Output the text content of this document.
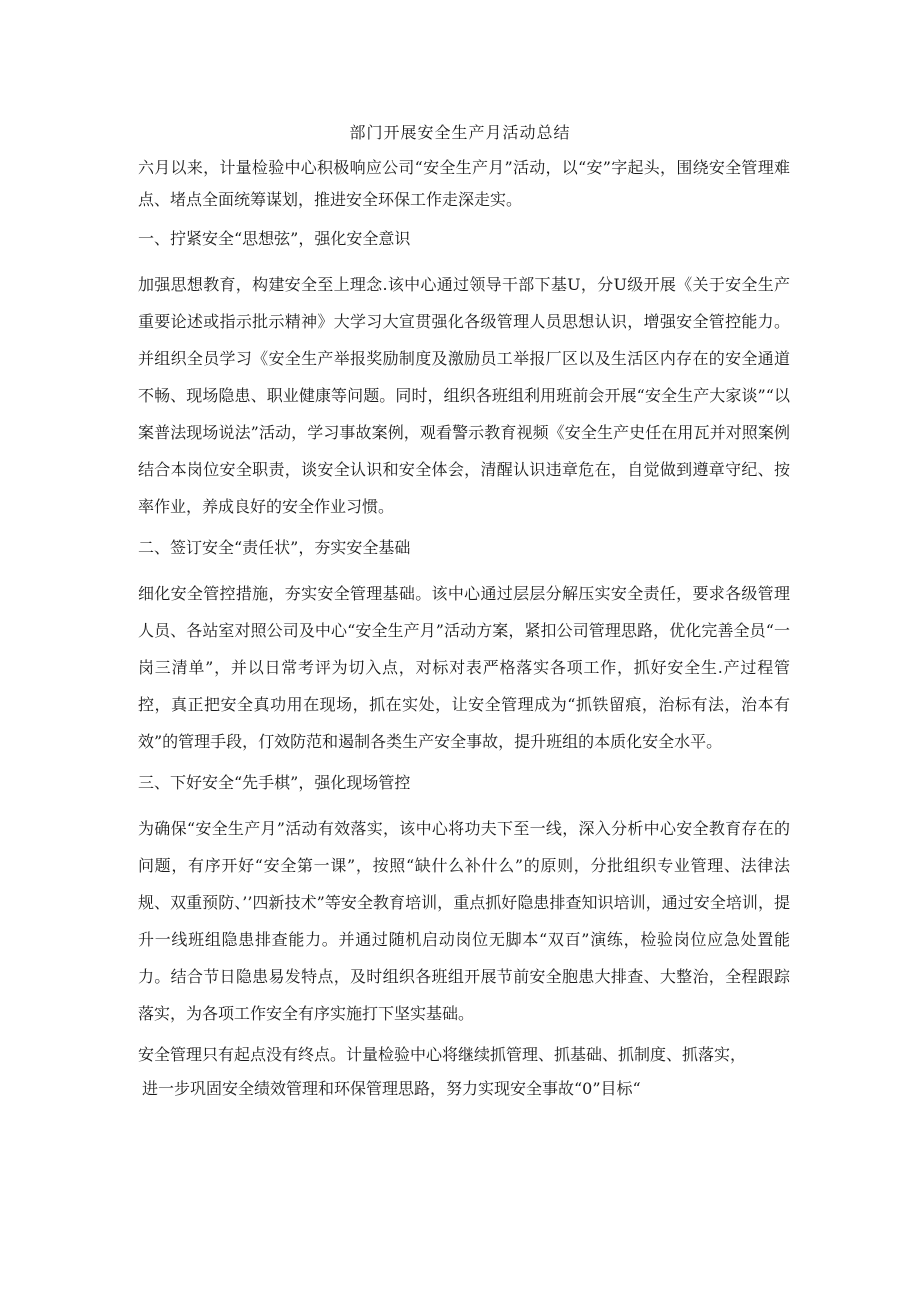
部门开展安全生产月活动总结

六月以来，计量检验中心积极响应公司“安全生产月”活动，以“安”字起头，围绕安全管理难点、堵点全面统筹谋划，推进安全环保工作走深走实。

一、拧紧安全“思想弦”，强化安全意识

加强思想教育，构建安全至上理念.该中心通过领导干部下基U，分U级开展《关于安全生产重要论述或指示批示精神》大学习大宣贯强化各级管理人员思想认识，增强安全管控能力。并组织全员学习《安全生产举报奖励制度及激励员工举报厂区以及生活区内存在的安全通道不畅、现场隐患、职业健康等问题。同时，组织各班组利用班前会开展“安全生产大家谈”“以案普法现场说法”活动，学习事故案例，观看警示教育视频《安全生产史任在用瓦并对照案例结合本岗位安全职责，谈安全认识和安全体会，清醒认识违章危在，自觉做到遵章守纪、按率作业，养成良好的安全作业习惯。

二、签订安全“责任状”，夯实安全基础

细化安全管控措施，夯实安全管理基础。该中心通过层层分解压实安全责任，要求各级管理人员、各站室对照公司及中心“安全生产月”活动方案，紧扣公司管理思路，优化完善全员“一岗三清单”，并以日常考评为切入点，对标对表严格落实各项工作，抓好安全生.产过程管控，真正把安全真功用在现场，抓在实处，让安全管理成为“抓铁留痕，治标有法，治本有效”的管理手段，仃效防范和遏制各类生产安全事故，提升班组的本质化安全水平。

三、下好安全“先手棋”，强化现场管控

为确保“安全生产月”活动有效落实，该中心将功夫下至一线，深入分析中心安全教育存在的问题，有序开好“安全第一课”，按照“缺什么补什么”的原则，分批组织专业管理、法律法规、双重预防、’’四新技术”等安全教育培训，重点抓好隐患排查知识培训，通过安全培训，提升一线班组隐患排查能力。并通过随机启动岗位无脚本“双百”演练，检验岗位应急处置能力。结合节日隐患易发特点，及时组织各班组开展节前安全胞患大排查、大整治，全程跟踪落实，为各项工作安全有序实施打下坚实基础。

安全管理只有起点没有终点。计量检验中心将继续抓管理、抓基础、抓制度、抓落实，

进一步巩固安全绩效管理和环保管理思路，努力实现安全事故“0”目标“
